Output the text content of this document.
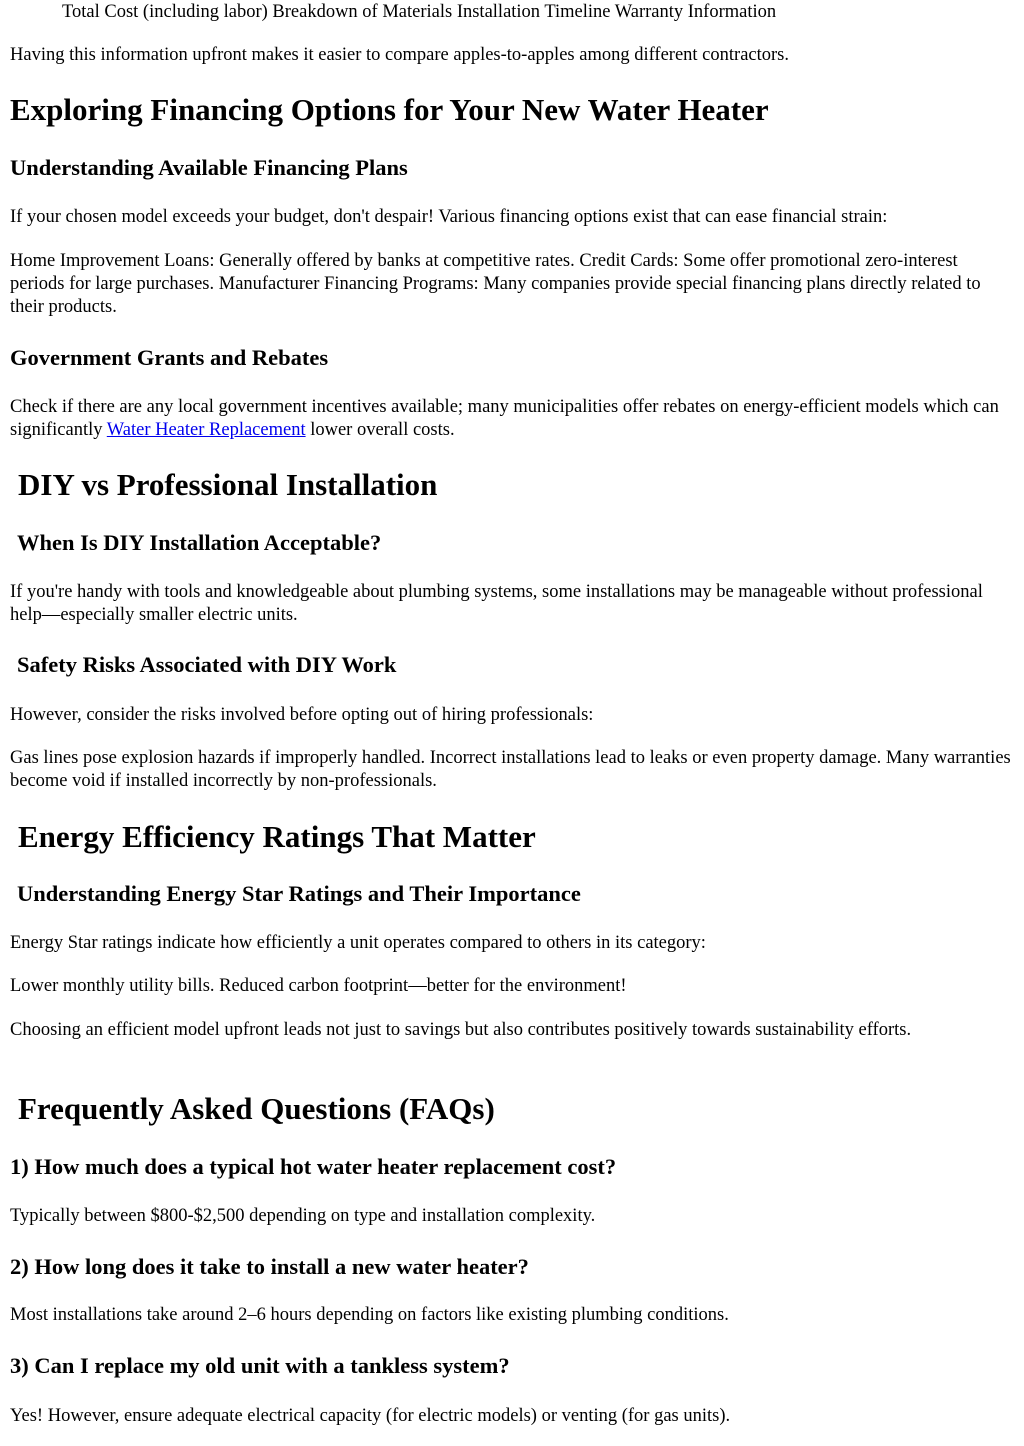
Total Cost (including labor) Breakdown of Materials Installation Timeline Warranty Information

Having this information upfront makes it easier to compare apples-to-apples among different contractors.

Exploring Financing Options for Your New Water Heater
Understanding Available Financing Plans

If your chosen model exceeds your budget, don't despair! Various financing options exist that can ease financial strain:

Home Improvement Loans: Generally offered by banks at competitive rates. Credit Cards: Some offer promotional zero-interest periods for large purchases. Manufacturer Financing Programs: Many companies provide special financing plans directly related to their products.

Government Grants and Rebates

Check if there are any local government incentives available; many municipalities offer rebates on energy-efficient models which can significantly Water Heater Replacement lower overall costs.

DIY vs Professional Installation
When Is DIY Installation Acceptable?

If you're handy with tools and knowledgeable about plumbing systems, some installations may be manageable without professional help—especially smaller electric units.

Safety Risks Associated with DIY Work

However, consider the risks involved before opting out of hiring professionals:

Gas lines pose explosion hazards if improperly handled. Incorrect installations lead to leaks or even property damage. Many warranties become void if installed incorrectly by non-professionals.

Energy Efficiency Ratings That Matter
Understanding Energy Star Ratings and Their Importance

Energy Star ratings indicate how efficiently a unit operates compared to others in its category:

Lower monthly utility bills. Reduced carbon footprint—better for the environment!

Choosing an efficient model upfront leads not just to savings but also contributes positively towards sustainability efforts.

Frequently Asked Questions (FAQs)
1) How much does a typical hot water heater replacement cost?

Typically between $800-$2,500 depending on type and installation complexity.

2) How long does it take to install a new water heater?

Most installations take around 2–6 hours depending on factors like existing plumbing conditions.

3) Can I replace my old unit with a tankless system?

Yes! However, ensure adequate electrical capacity (for electric models) or venting (for gas units).
